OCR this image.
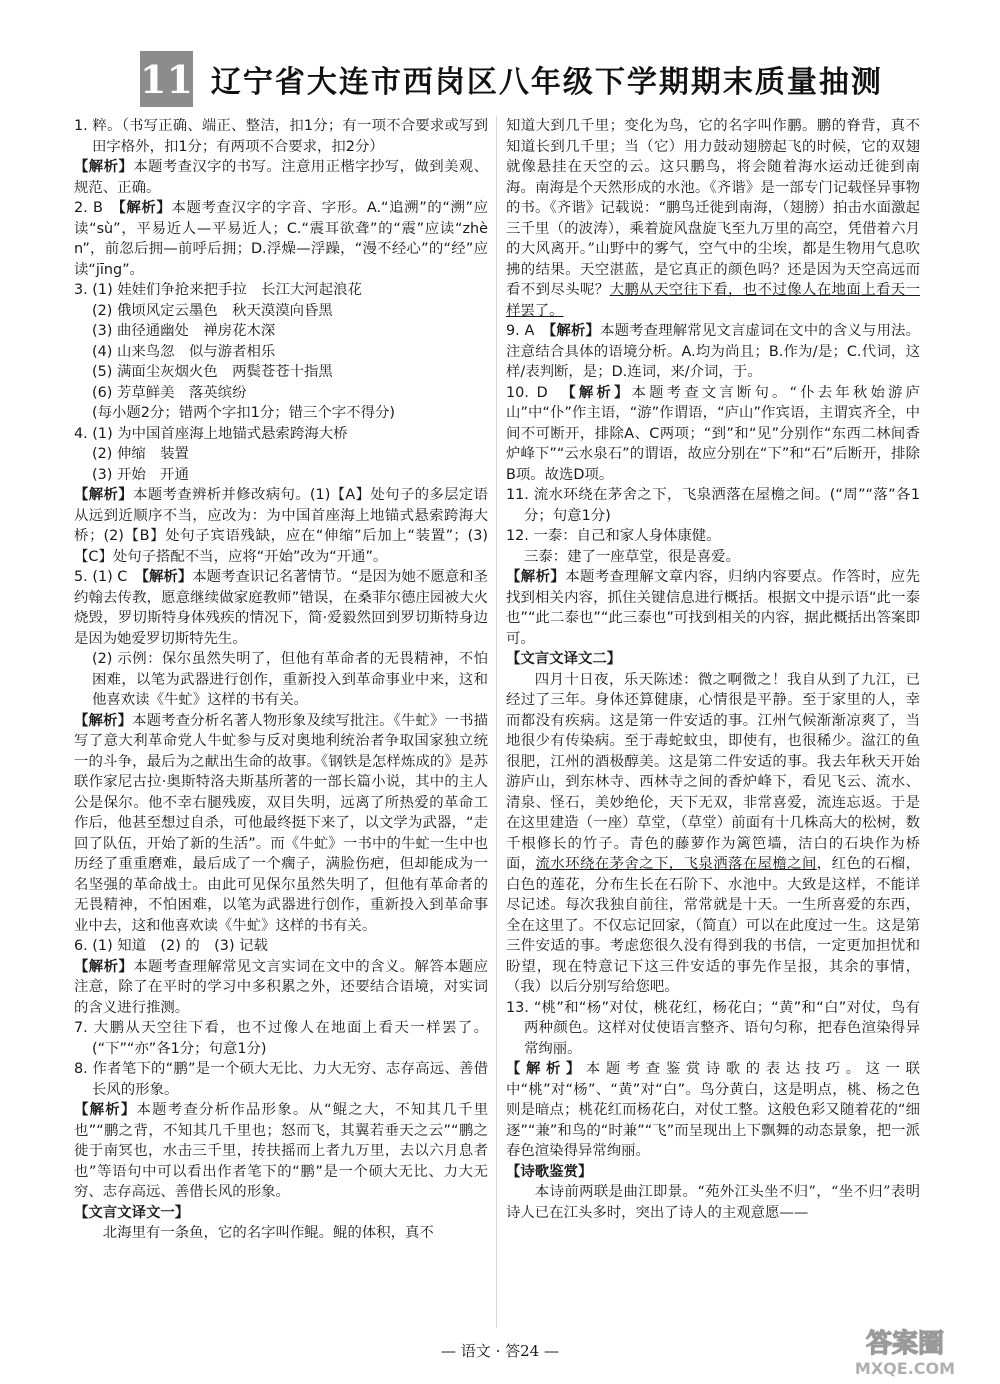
11 辽宁省大连市西岗区八年级下学期期末质量抽测
1. 粹。（书写正确、端正、整洁，扣1分；有一项不合要求或写到田字格外，扣1分；有两项不合要求，扣2分）
【解析】本题考查汉字的书写。注意用正楷字抄写，做到美观、规范、正确。
2. B　 【解析】本题考查汉字的字音、字形。A.“追溯”的“溯”应读“sù”，平易近人—平易近人；C.“震耳欲聋”的“震”应读“zhèn”，前忽后拥—前呼后拥；D.浮燥—浮躁，“漫不经心”的“经”应读“jīng”。
3. (1) 娃娃们争抢来把手拉　长江大河起浪花
(2) 俄顷风定云墨色　秋天漠漠向昏黑
(3) 曲径通幽处　禅房花木深
(4) 山来鸟忽　似与游者相乐
(5) 满面尘灰烟火色　两鬓苍苍十指黑
(6) 芳草鲜美　落英缤纷
(每小题2分；错两个字扣1分；错三个字不得分)
4. (1) 为中国首座海上地锚式悬索跨海大桥
(2) 伸缩　装置
(3) 开始　开通
【解析】本题考查辨析并修改病句。(1)【A】处句子的多层定语从远到近顺序不当，应改为：为中国首座海上地锚式悬索跨海大桥；(2)【B】处句子宾语残缺，应在“伸缩”后加上“装置”；(3)【C】处句子搭配不当，应将“开始”改为“开通”。
5. (1) C　 【解析】本题考查识记名著情节。“是因为她不愿意和圣约翰去传教，愿意继续做家庭教师”错误，在桑菲尔德庄园被大火烧毁，罗切斯特身体残疾的情况下，简·爱毅然回到罗切斯特身边是因为她爱罗切斯特先生。
(2) 示例：保尔虽然失明了，但他有革命者的无畏精神，不怕困难，以笔为武器进行创作，重新投入到革命事业中来，这和他喜欢读《牛虻》这样的书有关。
【解析】本题考查分析名著人物形象及续写批注。《牛虻》一书描写了意大利革命党人牛虻参与反对奥地利统治者争取国家独立统一的斗争，最后为之献出生命的故事。《钢铁是怎样炼成的》是苏联作家尼古拉·奥斯特洛夫斯基所著的一部长篇小说，其中的主人公是保尔。他不幸右腿残废，双目失明，远离了所热爱的革命工作后，他甚至想过自杀，可他最终挺下来了，以文学为武器，“走回了队伍，开始了新的生活”。而《牛虻》一书中的牛虻一生中也历经了重重磨难，最后成了一个瘸子，满脸伤疤，但却能成为一名坚强的革命战士。由此可见保尔虽然失明了，但他有革命者的无畏精神，不怕困难，以笔为武器进行创作，重新投入到革命事业中去，这和他喜欢读《牛虻》这样的书有关。
6. (1) 知道　(2) 的　(3) 记载
【解析】本题考查理解常见文言实词在文中的含义。解答本题应注意，除了在平时的学习中多积累之外，还要结合语境，对实词的含义进行推测。
7. 大鹏从天空往下看，也不过像人在地面上看天一样罢了。(“下”“亦”各1分；句意1分)
8. 作者笔下的“鹏”是一个硕大无比、力大无穷、志存高远、善借长风的形象。
【解析】本题考查分析作品形象。从“鲲之大，不知其几千里也”“鹏之背，不知其几千里也；怒而飞，其翼若垂天之云”“鹏之徙于南冥也，水击三千里，抟扶摇而上者九万里，去以六月息者也”等语句中可以看出作者笔下的“鹏”是一个硕大无比、力大无穷、志存高远、善借长风的形象。
【文言文译文一】
北海里有一条鱼，它的名字叫作鲲。鲲的体积，真不
知道大到几千里；变化为鸟，它的名字叫作鹏。鹏的脊背，真不知道长到几千里；当（它）用力鼓动翅膀起飞的时候，它的双翅就像悬挂在天空的云。这只鹏鸟，将会随着海水运动迁徙到南海。南海是个天然形成的水池。《齐谐》是一部专门记载怪异事物的书。《齐谐》记载说：“鹏鸟迁徙到南海，（翅膀）拍击水面激起三千里（的波涛），乘着旋风盘旋飞至九万里的高空，凭借着六月的大风离开。”山野中的雾气，空气中的尘埃，都是生物用气息吹拂的结果。天空湛蓝，是它真正的颜色吗？还是因为天空高远而看不到尽头呢？大鹏从天空往下看，也不过像人在地面上看天一样罢了。
9. A　 【解析】本题考查理解常见文言虚词在文中的含义与用法。注意结合具体的语境分析。A.均为尚且；B.作为/是；C.代词，这样/表判断，是；D.连词，来/介词，于。
10. D　 【解析】本题考查文言断句。“仆去年秋始游庐山”中“仆”作主语，“游”作谓语，“庐山”作宾语，主谓宾齐全，中间不可断开，排除A、C两项；“到”和“见”分别作“东西二林间香炉峰下”“云水泉石”的谓语，故应分别在“下”和“石”后断开，排除B项。故选D项。
11. 流水环绕在茅舍之下，飞泉洒落在屋檐之间。(“周”“落”各1分；句意1分)
12. 一泰：自己和家人身体康健。
三泰：建了一座草堂，很是喜爱。
【解析】本题考查理解文章内容，归纳内容要点。作答时，应先找到相关内容，抓住关键信息进行概括。根据文中提示语“此一泰也”“此二泰也”“此三泰也”可找到相关的内容，据此概括出答案即可。
【文言文译文二】
四月十日夜，乐天陈述：微之啊微之！我自从到了九江，已经过了三年。身体还算健康，心情很是平静。至于家里的人，幸而都没有疾病。这是第一件安适的事。江州气候渐渐凉爽了，当地很少有传染病。至于毒蛇蚊虫，即使有，也很稀少。湓江的鱼很肥，江州的酒极醇美。这是第二件安适的事。我去年秋天开始游庐山，到东林寺、西林寺之间的香炉峰下，看见飞云、流水、清泉、怪石，美妙绝伦，天下无双，非常喜爱，流连忘返。于是在这里建造（一座）草堂，（草堂）前面有十几株高大的松树，数千根修长的竹子。青色的藤萝作为篱笆墙，洁白的石块作为桥面，流水环绕在茅舍之下，飞泉洒落在屋檐之间，红色的石榴，白色的莲花，分布生长在石阶下、水池中。大致是这样，不能详尽记述。每次我独自前往，常常就是十天。一生所喜爱的东西，全在这里了。不仅忘记回家，（简直）可以在此度过一生。这是第三件安适的事。考虑您很久没有得到我的书信，一定更加担忧和盼望，现在特意记下这三件安适的事先作呈报，其余的事情，（我）以后分别写给您吧。
13. “桃”和“杨”对仗，桃花红，杨花白；“黄”和“白”对仗，鸟有两种颜色。这样对仗使语言整齐、语句匀称，把春色渲染得异常绚丽。
【解析】本题考查鉴赏诗歌的表达技巧。这一联中“桃”对“杨”、“黄”对“白”。鸟分黄白，这是明点，桃、杨之色则是暗点；桃花红而杨花白，对仗工整。这般色彩又随着花的“细逐”“兼”和鸟的“时兼”“飞”而呈现出上下飘舞的动态景象，把一派春色渲染得异常绚丽。
【诗歌鉴赏】
本诗前两联是曲江即景。“苑外江头坐不归”，“坐不归”表明诗人已在江头多时，突出了诗人的主观意愿——
— 语文 · 答24 —	答案圈
MXQE.COM
